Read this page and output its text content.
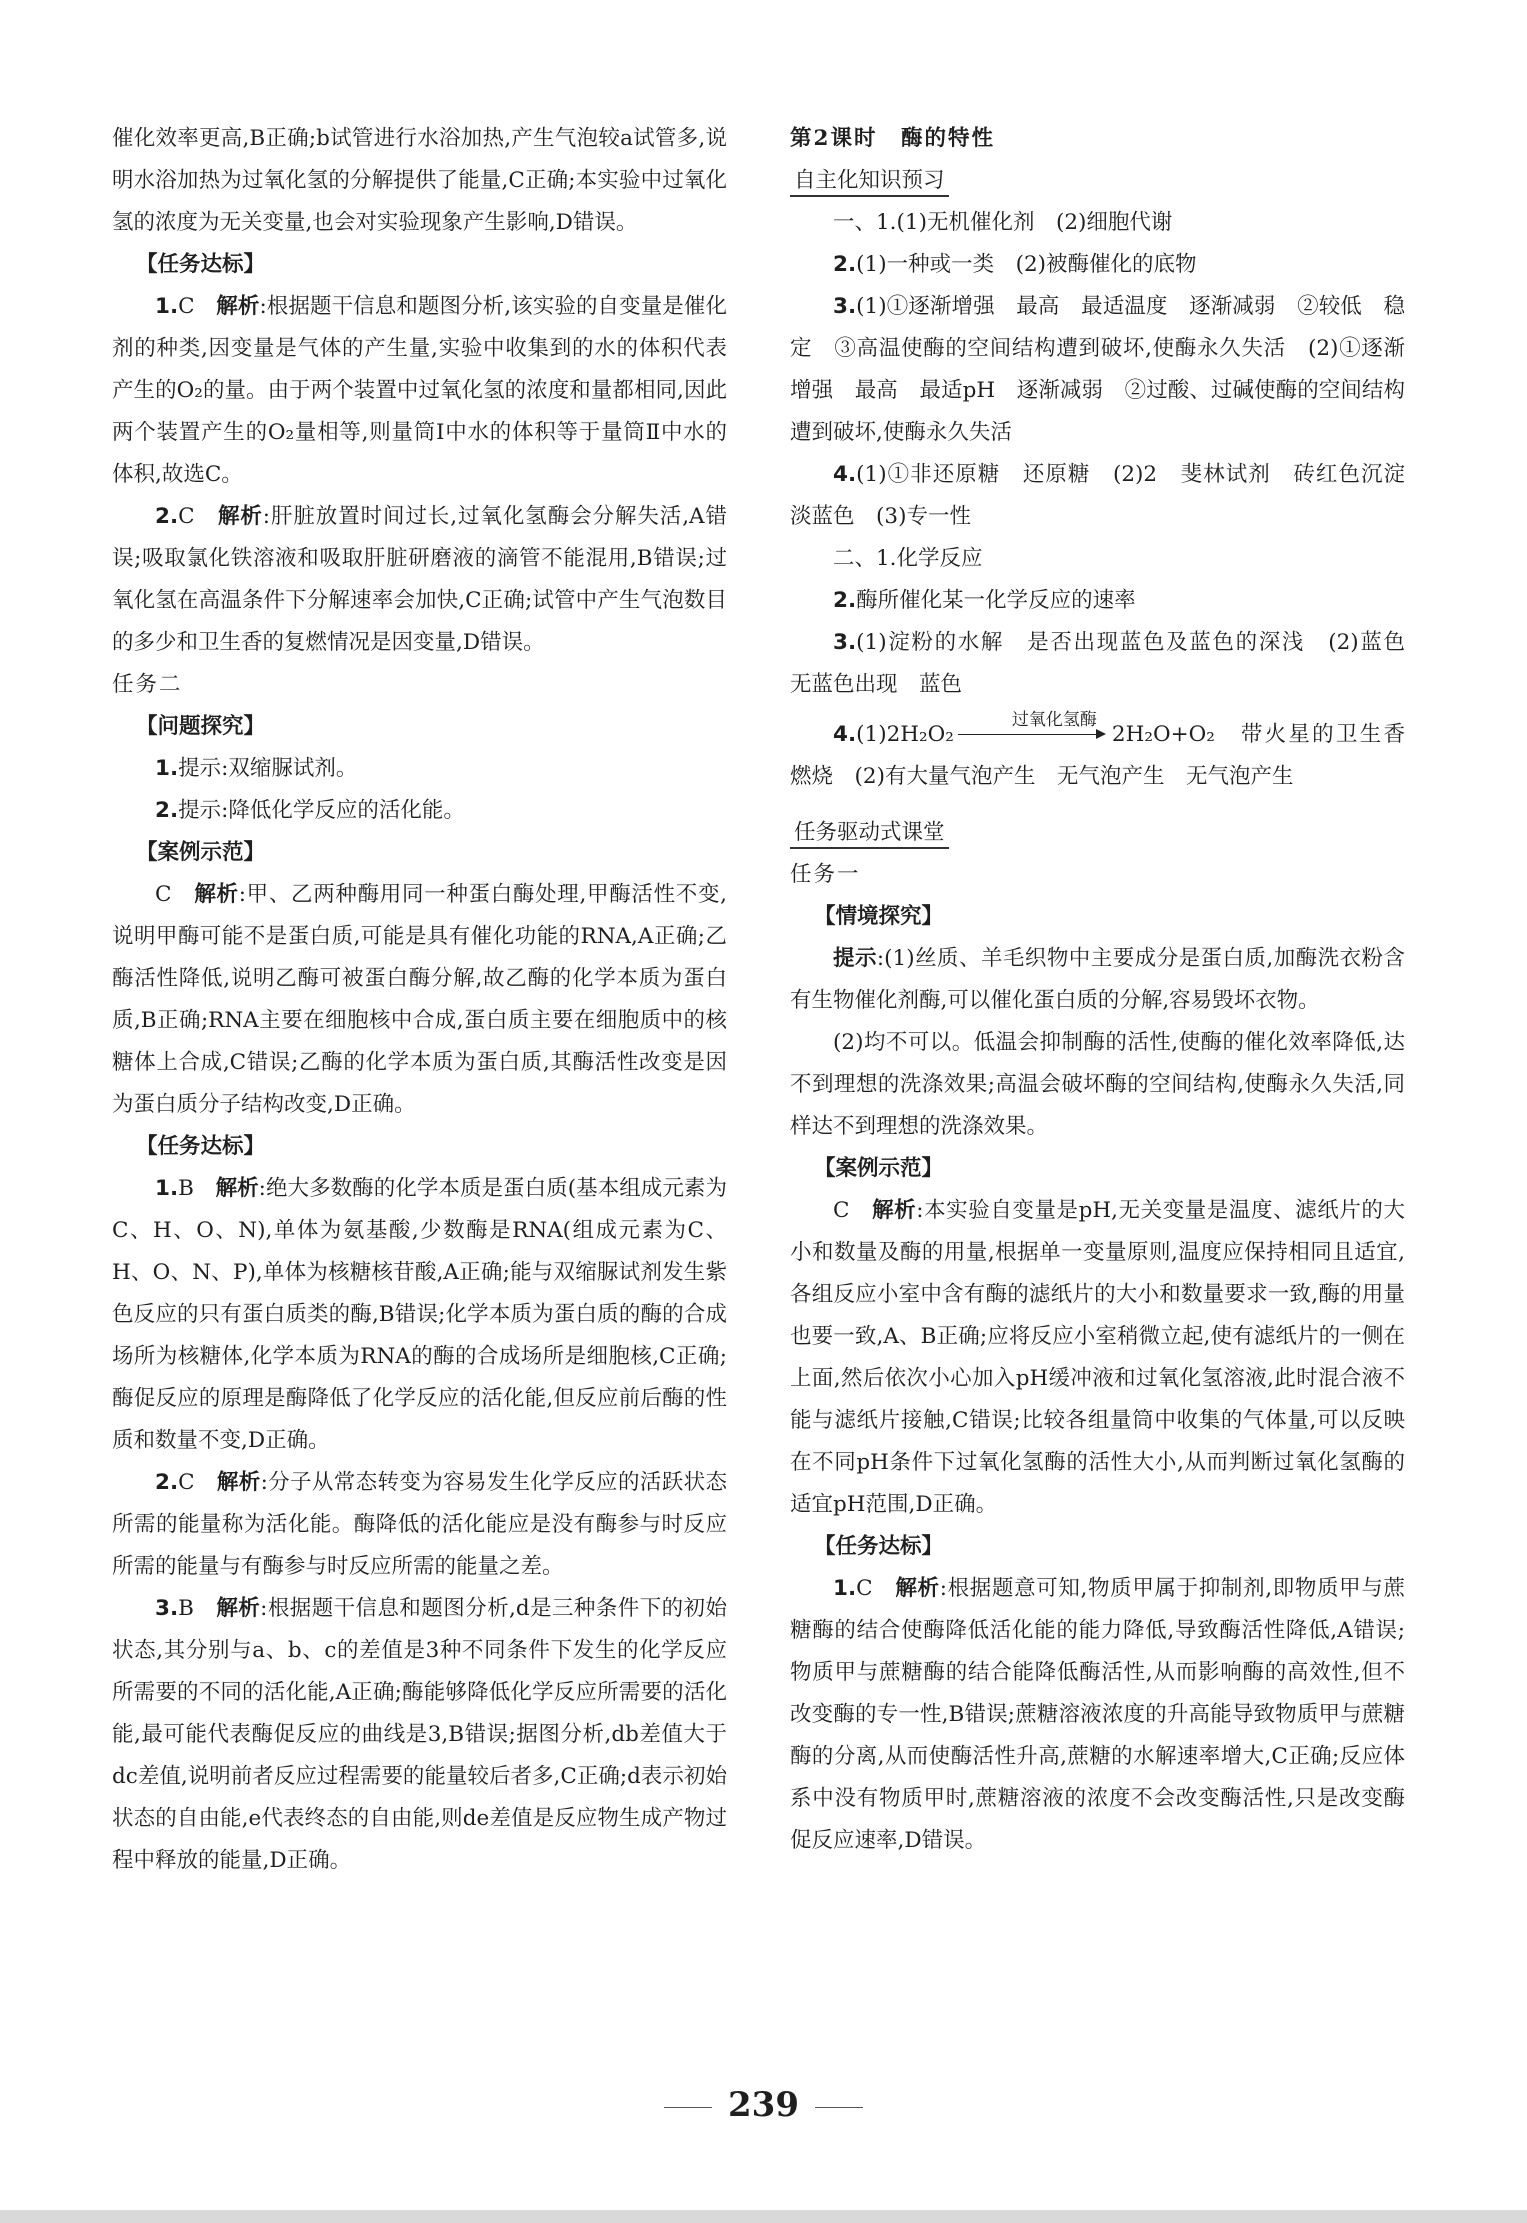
催化效率更高,B正确;b试管进行水浴加热,产生气泡较a试管多,说明水浴加热为过氧化氢的分解提供了能量,C正确;本实验中过氧化氢的浓度为无关变量,也会对实验现象产生影响,D错误。

【任务达标】

1.C　 解析:根据题干信息和题图分析,该实验的自变量是催化剂的种类,因变量是气体的产生量,实验中收集到的水的体积代表产生的O₂的量。由于两个装置中过氧化氢的浓度和量都相同,因此两个装置产生的O₂量相等,则量筒Ⅰ中水的体积等于量筒Ⅱ中水的体积,故选C。

2.C　 解析:肝脏放置时间过长,过氧化氢酶会分解失活,A错误;吸取氯化铁溶液和吸取肝脏研磨液的滴管不能混用,B错误;过氧化氢在高温条件下分解速率会加快,C正确;试管中产生气泡数目的多少和卫生香的复燃情况是因变量,D错误。

任务二

【问题探究】

1.提示:双缩脲试剂。

2.提示:降低化学反应的活化能。

【案例示范】

C　 解析:甲、乙两种酶用同一种蛋白酶处理,甲酶活性不变,说明甲酶可能不是蛋白质,可能是具有催化功能的RNA,A正确;乙酶活性降低,说明乙酶可被蛋白酶分解,故乙酶的化学本质为蛋白质,B正确;RNA主要在细胞核中合成,蛋白质主要在细胞质中的核糖体上合成,C错误;乙酶的化学本质为蛋白质,其酶活性改变是因为蛋白质分子结构改变,D正确。

【任务达标】

1.B　 解析:绝大多数酶的化学本质是蛋白质(基本组成元素为C、H、O、N),单体为氨基酸,少数酶是RNA(组成元素为C、H、O、N、P),单体为核糖核苷酸,A正确;能与双缩脲试剂发生紫色反应的只有蛋白质类的酶,B错误;化学本质为蛋白质的酶的合成场所为核糖体,化学本质为RNA的酶的合成场所是细胞核,C正确;酶促反应的原理是酶降低了化学反应的活化能,但反应前后酶的性质和数量不变,D正确。

2.C　 解析:分子从常态转变为容易发生化学反应的活跃状态所需的能量称为活化能。酶降低的活化能应是没有酶参与时反应所需的能量与有酶参与时反应所需的能量之差。

3.B　 解析:根据题干信息和题图分析,d是三种条件下的初始状态,其分别与a、b、c的差值是3种不同条件下发生的化学反应所需要的不同的活化能,A正确;酶能够降低化学反应所需要的活化能,最可能代表酶促反应的曲线是3,B错误;据图分析,db差值大于dc差值,说明前者反应过程需要的能量较后者多,C正确;d表示初始状态的自由能,e代表终态的自由能,则de差值是反应物生成产物过程中释放的能量,D正确。

第2课时　酶的特性

自主化知识预习

一、1.(1)无机催化剂　(2)细胞代谢

2.(1)一种或一类　(2)被酶催化的底物

3.(1)①逐渐增强　最高　最适温度　逐渐减弱　②较低　稳定　③高温使酶的空间结构遭到破坏,使酶永久失活　(2)①逐渐增强　最高　最适pH　逐渐减弱　②过酸、过碱使酶的空间结构遭到破坏,使酶永久失活

4.(1)①非还原糖　还原糖　(2)2　斐林试剂　砖红色沉淀　淡蓝色　(3)专一性

二、1.化学反应

2.酶所催化某一化学反应的速率

3.(1)淀粉的水解　是否出现蓝色及蓝色的深浅　(2)蓝色　无蓝色出现　蓝色

4.(1)2H₂O₂
过氧化氢酶
2H₂O+O₂　带火星的卫生香燃烧　(2)有大量气泡产生　无气泡产生　无气泡产生

任务驱动式课堂

任务一

【情境探究】

提示:(1)丝质、羊毛织物中主要成分是蛋白质,加酶洗衣粉含有生物催化剂酶,可以催化蛋白质的分解,容易毁坏衣物。

(2)均不可以。低温会抑制酶的活性,使酶的催化效率降低,达不到理想的洗涤效果;高温会破坏酶的空间结构,使酶永久失活,同样达不到理想的洗涤效果。

【案例示范】

C　 解析:本实验自变量是pH,无关变量是温度、滤纸片的大小和数量及酶的用量,根据单一变量原则,温度应保持相同且适宜,各组反应小室中含有酶的滤纸片的大小和数量要求一致,酶的用量也要一致,A、B正确;应将反应小室稍微立起,使有滤纸片的一侧在上面,然后依次小心加入pH缓冲液和过氧化氢溶液,此时混合液不能与滤纸片接触,C错误;比较各组量筒中收集的气体量,可以反映在不同pH条件下过氧化氢酶的活性大小,从而判断过氧化氢酶的适宜pH范围,D正确。

【任务达标】

1.C　 解析:根据题意可知,物质甲属于抑制剂,即物质甲与蔗糖酶的结合使酶降低活化能的能力降低,导致酶活性降低,A错误;物质甲与蔗糖酶的结合能降低酶活性,从而影响酶的高效性,但不改变酶的专一性,B错误;蔗糖溶液浓度的升高能导致物质甲与蔗糖酶的分离,从而使酶活性升高,蔗糖的水解速率增大,C正确;反应体系中没有物质甲时,蔗糖溶液的浓度不会改变酶活性,只是改变酶促反应速率,D错误。

239
